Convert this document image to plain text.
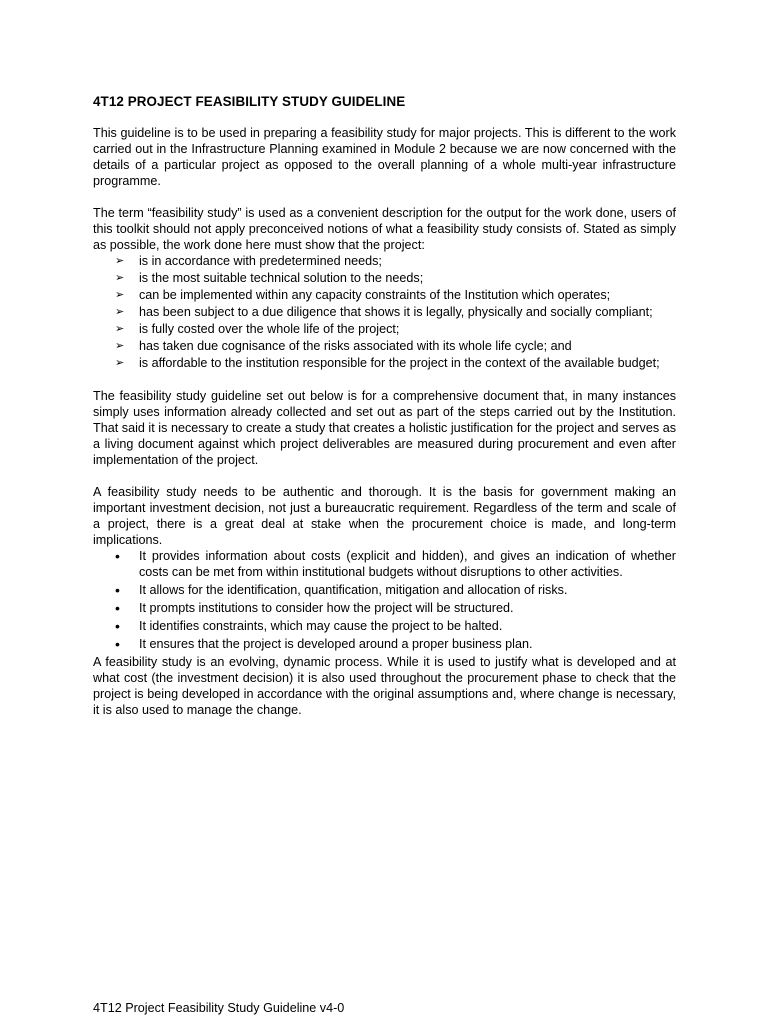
4T12 PROJECT FEASIBILITY STUDY GUIDELINE

This guideline is to be used in preparing a feasibility study for major projects. This is different to the work carried out in the Infrastructure Planning examined in Module 2 because we are now concerned with the details of a particular project as opposed to the overall planning of a whole multi-year infrastructure programme.

The term “feasibility study” is used as a convenient description for the output for the work done, users of this toolkit should not apply preconceived notions of what a feasibility study consists of. Stated as simply as possible, the work done here must show that the project:

➢ is in accordance with predetermined needs;
➢ is the most suitable technical solution to the needs;
➢ can be implemented within any capacity constraints of the Institution which operates;
➢ has been subject to a due diligence that shows it is legally, physically and socially compliant;
➢ is fully costed over the whole life of the project;
➢ has taken due cognisance of the risks associated with its whole life cycle; and
➢ is affordable to the institution responsible for the project in the context of the available budget;

The feasibility study guideline set out below is for a comprehensive document that, in many instances simply uses information already collected and set out as part of the steps carried out by the Institution. That said it is necessary to create a study that creates a holistic justification for the project and serves as a living document against which project deliverables are measured during procurement and even after implementation of the project.

A feasibility study needs to be authentic and thorough. It is the basis for government making an important investment decision, not just a bureaucratic requirement. Regardless of the term and scale of a project, there is a great deal at stake when the procurement choice is made, and long-term implications.

• It provides information about costs (explicit and hidden), and gives an indication of whether costs can be met from within institutional budgets without disruptions to other activities.
• It allows for the identification, quantification, mitigation and allocation of risks.
• It prompts institutions to consider how the project will be structured.
• It identifies constraints, which may cause the project to be halted.
• It ensures that the project is developed around a proper business plan.

A feasibility study is an evolving, dynamic process. While it is used to justify what is developed and at what cost (the investment decision) it is also used throughout the procurement phase to check that the project is being developed in accordance with the original assumptions and, where change is necessary, it is also used to manage the change.

4T12 Project Feasibility Study Guideline v4-0
